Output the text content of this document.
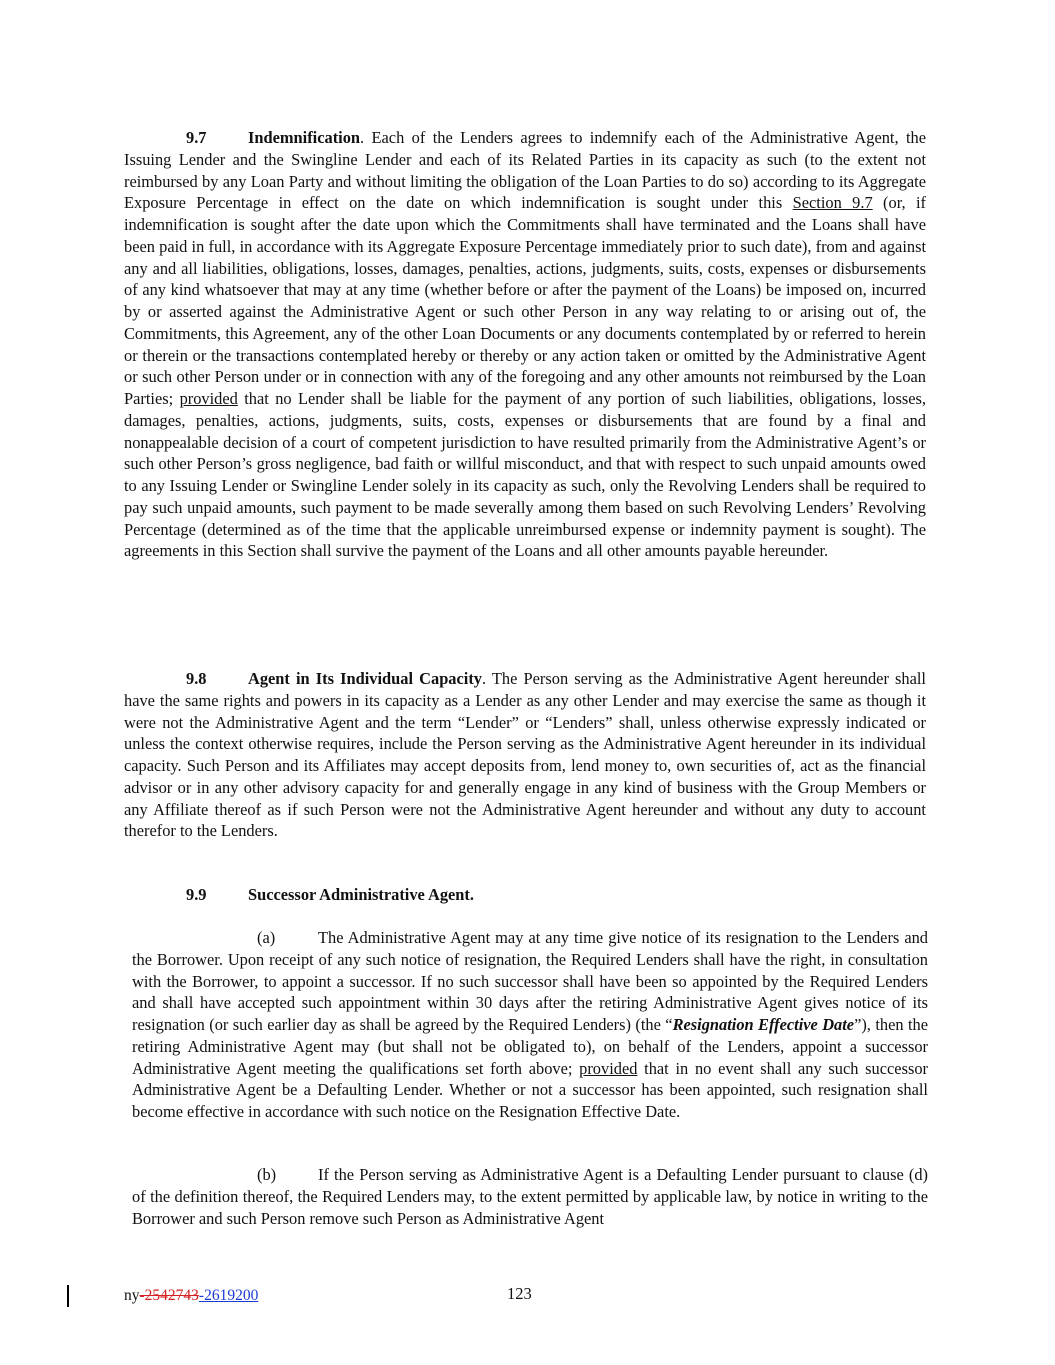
9.7	Indemnification. Each of the Lenders agrees to indemnify each of the Administrative Agent, the Issuing Lender and the Swingline Lender and each of its Related Parties in its capacity as such (to the extent not reimbursed by any Loan Party and without limiting the obligation of the Loan Parties to do so) according to its Aggregate Exposure Percentage in effect on the date on which indemnification is sought under this Section 9.7 (or, if indemnification is sought after the date upon which the Commitments shall have terminated and the Loans shall have been paid in full, in accordance with its Aggregate Exposure Percentage immediately prior to such date), from and against any and all liabilities, obligations, losses, damages, penalties, actions, judgments, suits, costs, expenses or disbursements of any kind whatsoever that may at any time (whether before or after the payment of the Loans) be imposed on, incurred by or asserted against the Administrative Agent or such other Person in any way relating to or arising out of, the Commitments, this Agreement, any of the other Loan Documents or any documents contemplated by or referred to herein or therein or the transactions contemplated hereby or thereby or any action taken or omitted by the Administrative Agent or such other Person under or in connection with any of the foregoing and any other amounts not reimbursed by the Loan Parties; provided that no Lender shall be liable for the payment of any portion of such liabilities, obligations, losses, damages, penalties, actions, judgments, suits, costs, expenses or disbursements that are found by a final and nonappealable decision of a court of competent jurisdiction to have resulted primarily from the Administrative Agent’s or such other Person’s gross negligence, bad faith or willful misconduct, and that with respect to such unpaid amounts owed to any Issuing Lender or Swingline Lender solely in its capacity as such, only the Revolving Lenders shall be required to pay such unpaid amounts, such payment to be made severally among them based on such Revolving Lenders’ Revolving Percentage (determined as of the time that the applicable unreimbursed expense or indemnity payment is sought). The agreements in this Section shall survive the payment of the Loans and all other amounts payable hereunder.
9.8	Agent in Its Individual Capacity. The Person serving as the Administrative Agent hereunder shall have the same rights and powers in its capacity as a Lender as any other Lender and may exercise the same as though it were not the Administrative Agent and the term “Lender” or “Lenders” shall, unless otherwise expressly indicated or unless the context otherwise requires, include the Person serving as the Administrative Agent hereunder in its individual capacity. Such Person and its Affiliates may accept deposits from, lend money to, own securities of, act as the financial advisor or in any other advisory capacity for and generally engage in any kind of business with the Group Members or any Affiliate thereof as if such Person were not the Administrative Agent hereunder and without any duty to account therefor to the Lenders.
9.9	Successor Administrative Agent.
(a)	The Administrative Agent may at any time give notice of its resignation to the Lenders and the Borrower. Upon receipt of any such notice of resignation, the Required Lenders shall have the right, in consultation with the Borrower, to appoint a successor. If no such successor shall have been so appointed by the Required Lenders and shall have accepted such appointment within 30 days after the retiring Administrative Agent gives notice of its resignation (or such earlier day as shall be agreed by the Required Lenders) (the “Resignation Effective Date”), then the retiring Administrative Agent may (but shall not be obligated to), on behalf of the Lenders, appoint a successor Administrative Agent meeting the qualifications set forth above; provided that in no event shall any such successor Administrative Agent be a Defaulting Lender. Whether or not a successor has been appointed, such resignation shall become effective in accordance with such notice on the Resignation Effective Date.
(b)	If the Person serving as Administrative Agent is a Defaulting Lender pursuant to clause (d) of the definition thereof, the Required Lenders may, to the extent permitted by applicable law, by notice in writing to the Borrower and such Person remove such Person as Administrative Agent
ny-2542743-2619200	123
